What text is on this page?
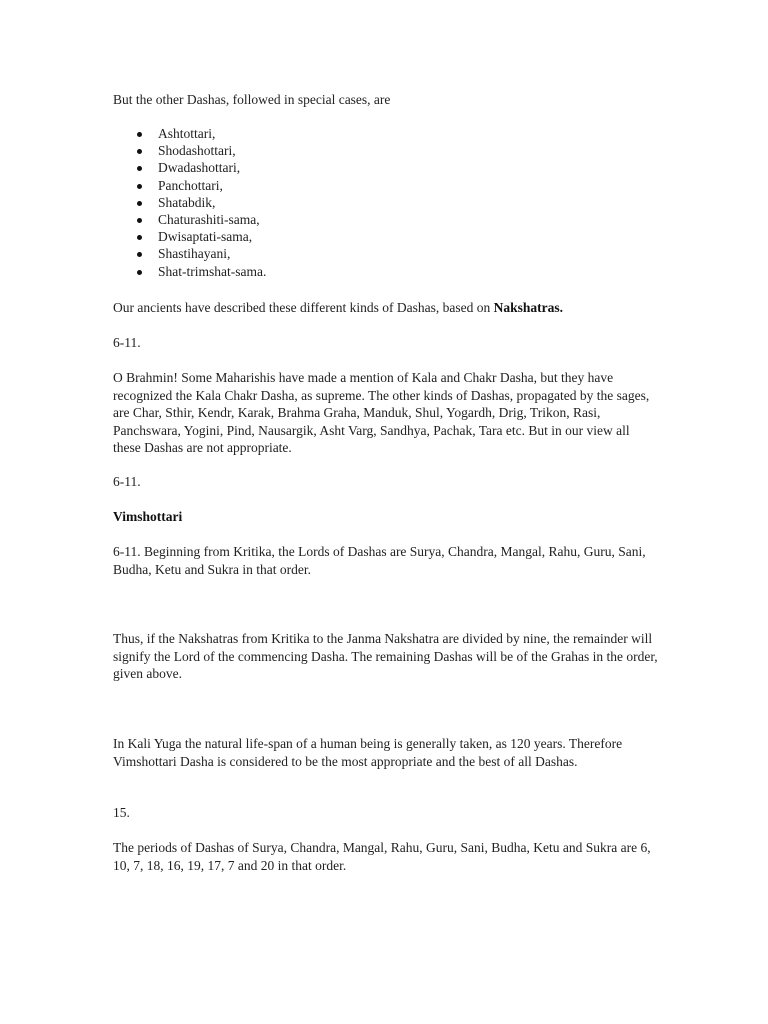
But the other Dashas, followed in special cases, are

Ashtottari,
Shodashottari,
Dwadashottari,
Panchottari,
Shatabdik,
Chaturashiti-sama,
Dwisaptati-sama,
Shastihayani,
Shat-trimshat-sama.

Our ancients have described these different kinds of Dashas, based on Nakshatras.

6-11.

O Brahmin! Some Maharishis have made a mention of Kala and Chakr Dasha, but they have recognized the Kala Chakr Dasha, as supreme. The other kinds of Dashas, propagated by the sages, are Char, Sthir, Kendr, Karak, Brahma Graha, Manduk, Shul, Yogardh, Drig, Trikon, Rasi, Panchswara, Yogini, Pind, Nausargik, Asht Varg, Sandhya, Pachak, Tara etc. But in our view all these Dashas are not appropriate.

6-11.

Vimshottari

6-11. Beginning from Kritika, the Lords of Dashas are Surya, Chandra, Mangal, Rahu, Guru, Sani, Budha, Ketu and Sukra in that order.

Thus, if the Nakshatras from Kritika to the Janma Nakshatra are divided by nine, the remainder will signify the Lord of the commencing Dasha. The remaining Dashas will be of the Grahas in the order, given above.

In Kali Yuga the natural life-span of a human being is generally taken, as 120 years. Therefore Vimshottari Dasha is considered to be the most appropriate and the best of all Dashas.

15.

The periods of Dashas of Surya, Chandra, Mangal, Rahu, Guru, Sani, Budha, Ketu and Sukra are 6, 10, 7, 18, 16, 19, 17, 7 and 20 in that order.
